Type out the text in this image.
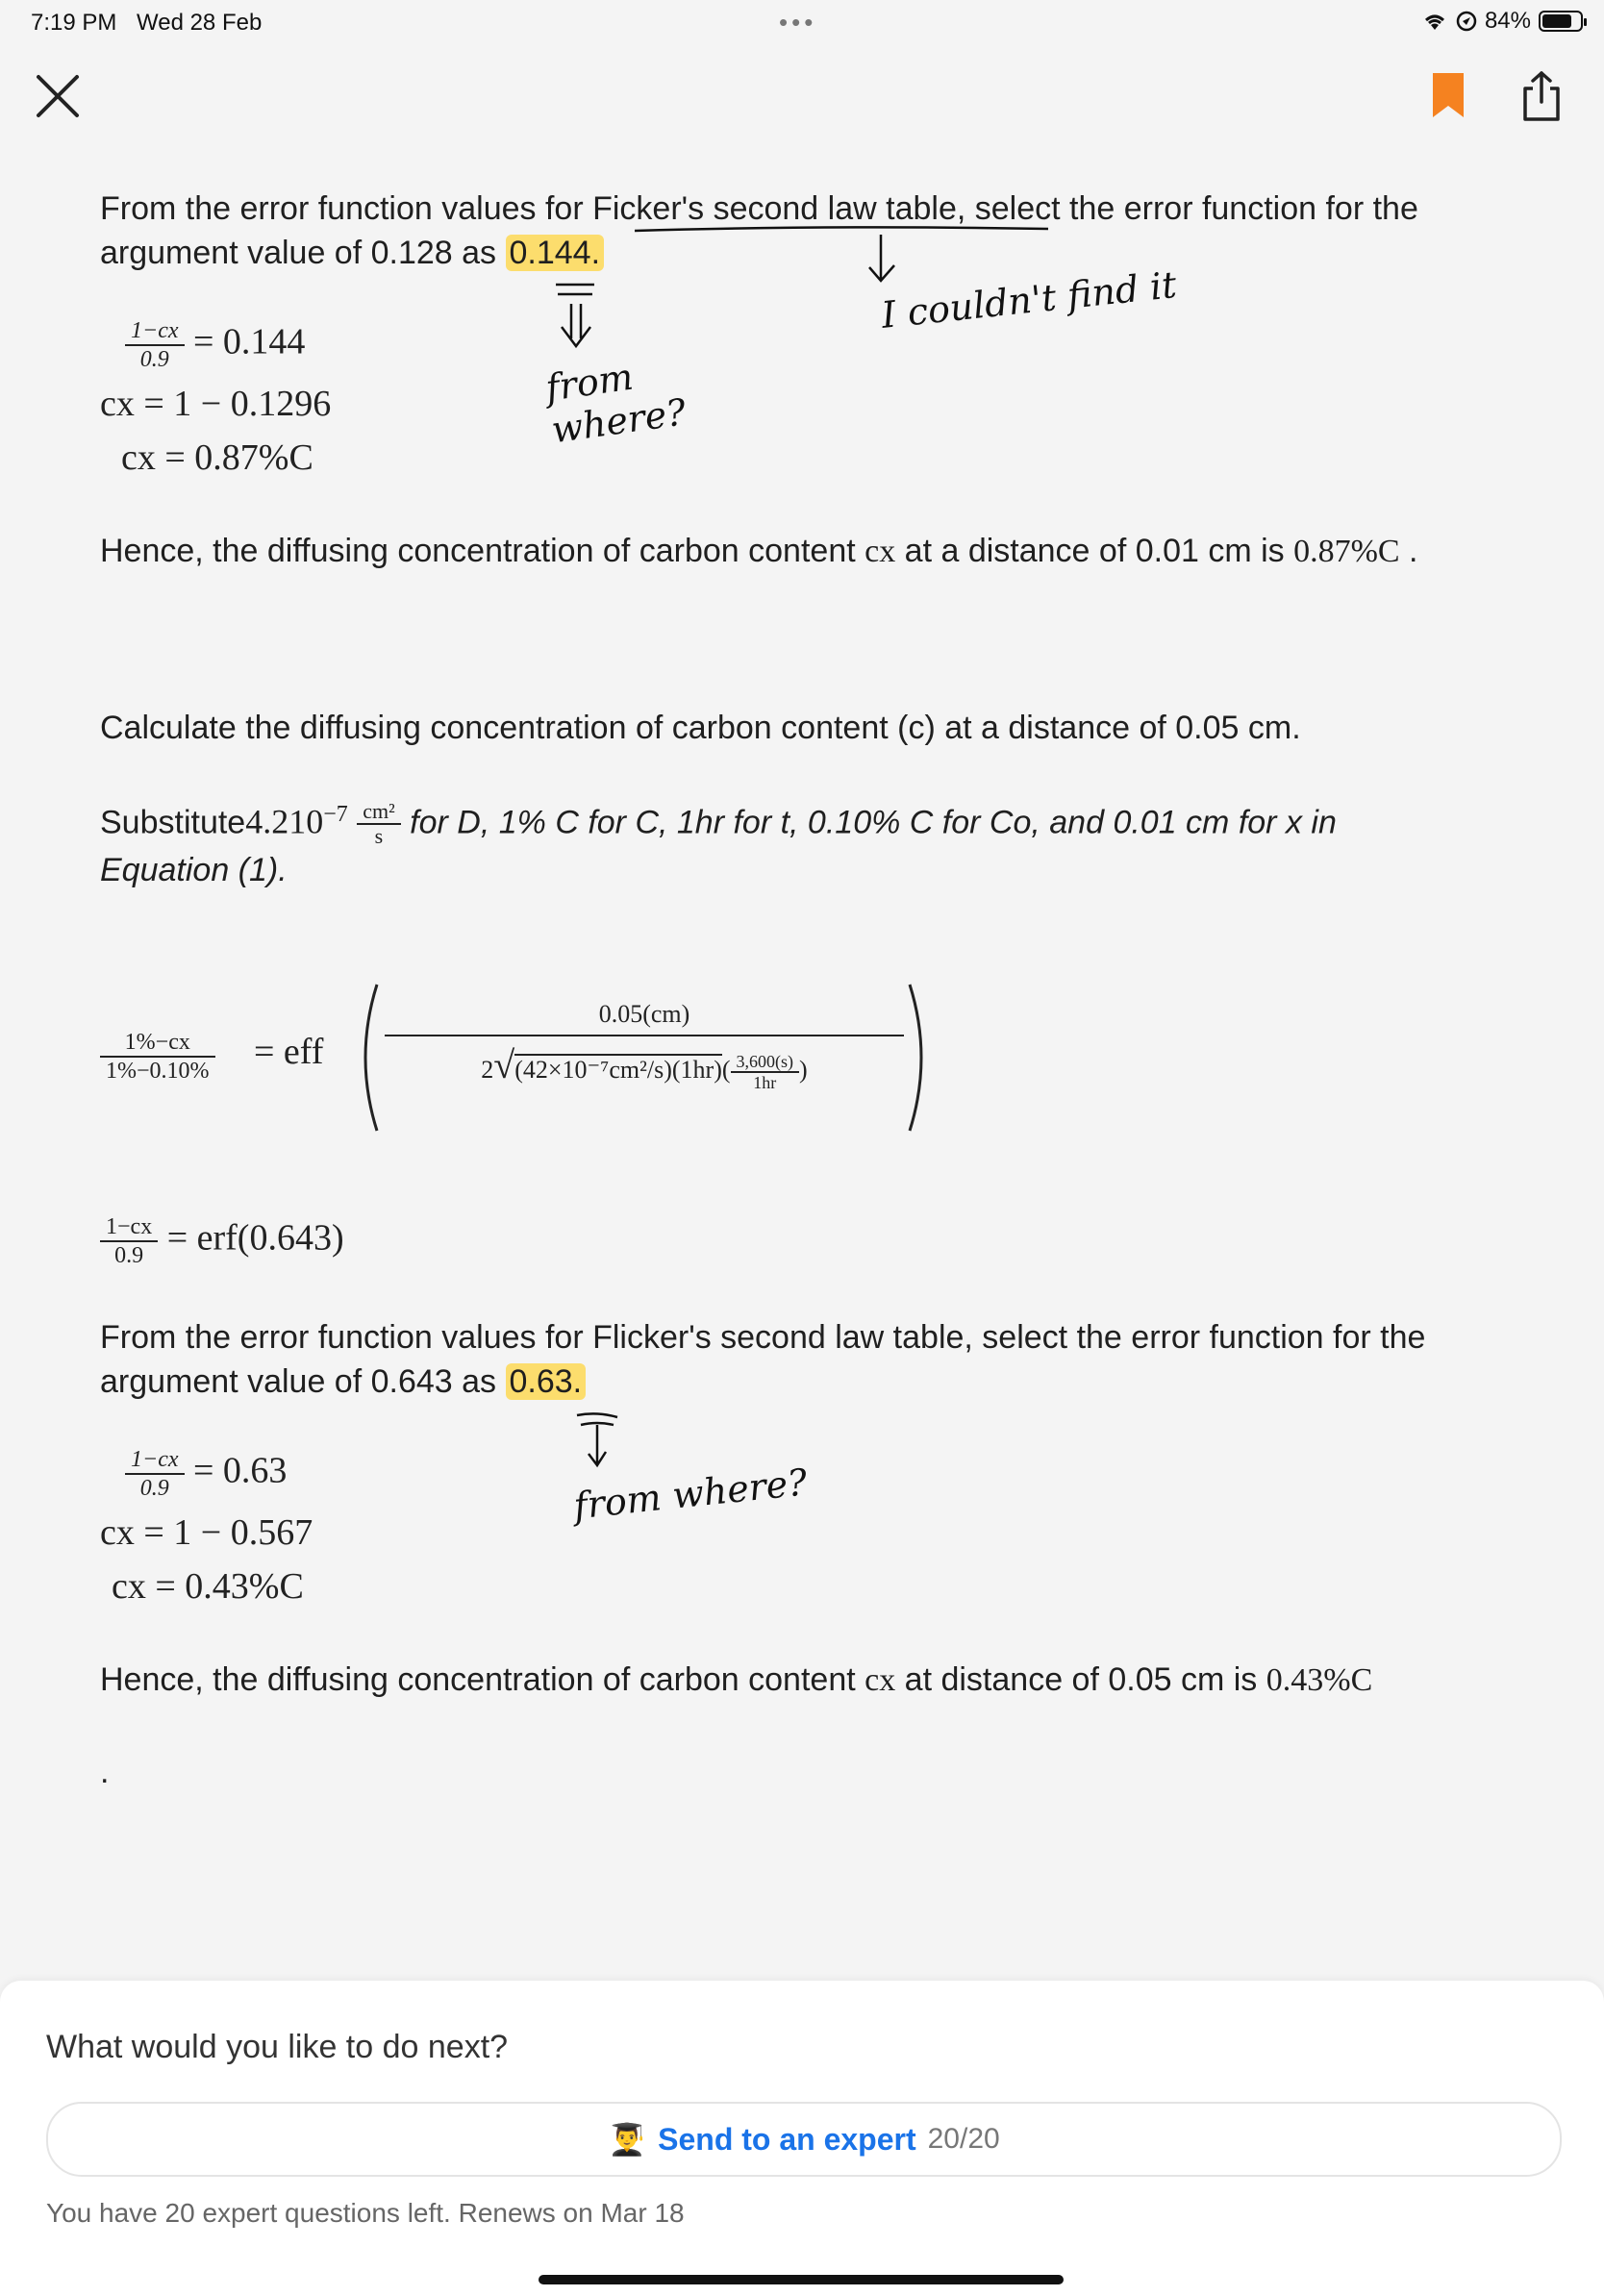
7:19 PM Wed 28 Feb	•••	84%
From the error function values for Ficker's second law table, select the error function for the argument value of 0.128 as 0.144.
$\frac{1-cx}{0.9} = 0.144$
cx = 1 − 0.1296
cx = 0.87%C
from where?
I couldn't find it
Hence, the diffusing concentration of carbon content cx at a distance of 0.01 cm is 0.87%C .
Calculate the diffusing concentration of carbon content (c) at a distance of 0.05 cm.
$Substitute4.210^{-7} \frac{\text{cm²}}{s}$ for D, 1% C for C, 1hr for t, 0.10% C for Co, and 0.01 cm for x in
Equation (1).
$\frac{1\%-cx}{1\%-0.10\%}$ = eff $\frac{0.05(cm)}{2√(42\times 10^{-7}cm^2/s)(1hr)( \frac{3,600(s)}{1hr} )}$
$\frac{1-cx}{0.9} = erf(0.643)$
From the error function values for Flicker's second law table, select the error function for the argument value of 0.643 as 0.63.
$\frac{1-cx}{0.9} = 0.63$
cx = 1 − 0.567
cx = 0.43%C
from where?
Hence, the diffusing concentration of carbon content cx at distance of 0.05 cm is 0.43%C
.
What would you like to do next?
👨‍🎓 Send to an expert 20/20
You have 20 expert questions left. Renews on Mar 18
